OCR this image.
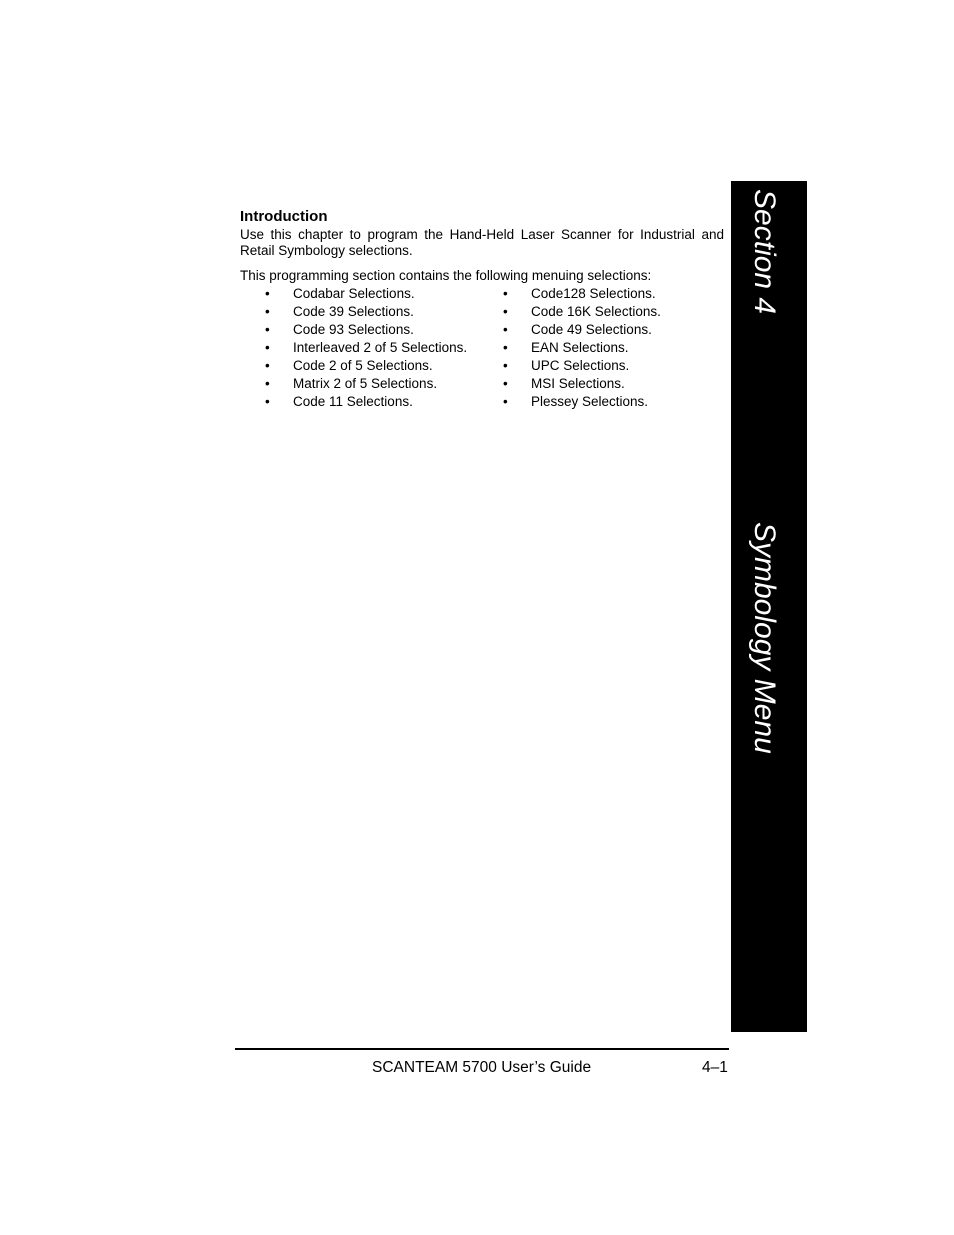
Introduction

Use this chapter to program the Hand-Held Laser Scanner for Industrial and Retail Symbology selections.

This programming section contains the following menuing selections:

• Codabar Selections.
• Code 39 Selections.
• Code 93 Selections.
• Interleaved 2 of 5 Selections.
• Code 2 of 5 Selections.
• Matrix 2 of 5 Selections.
• Code 11 Selections.
• Code128 Selections.
• Code 16K Selections.
• Code 49 Selections.
• EAN Selections.
• UPC Selections.
• MSI Selections.
• Plessey Selections.
Section 4
Symbology Menu
SCANTEAM 5700 User’s Guide	4–1
